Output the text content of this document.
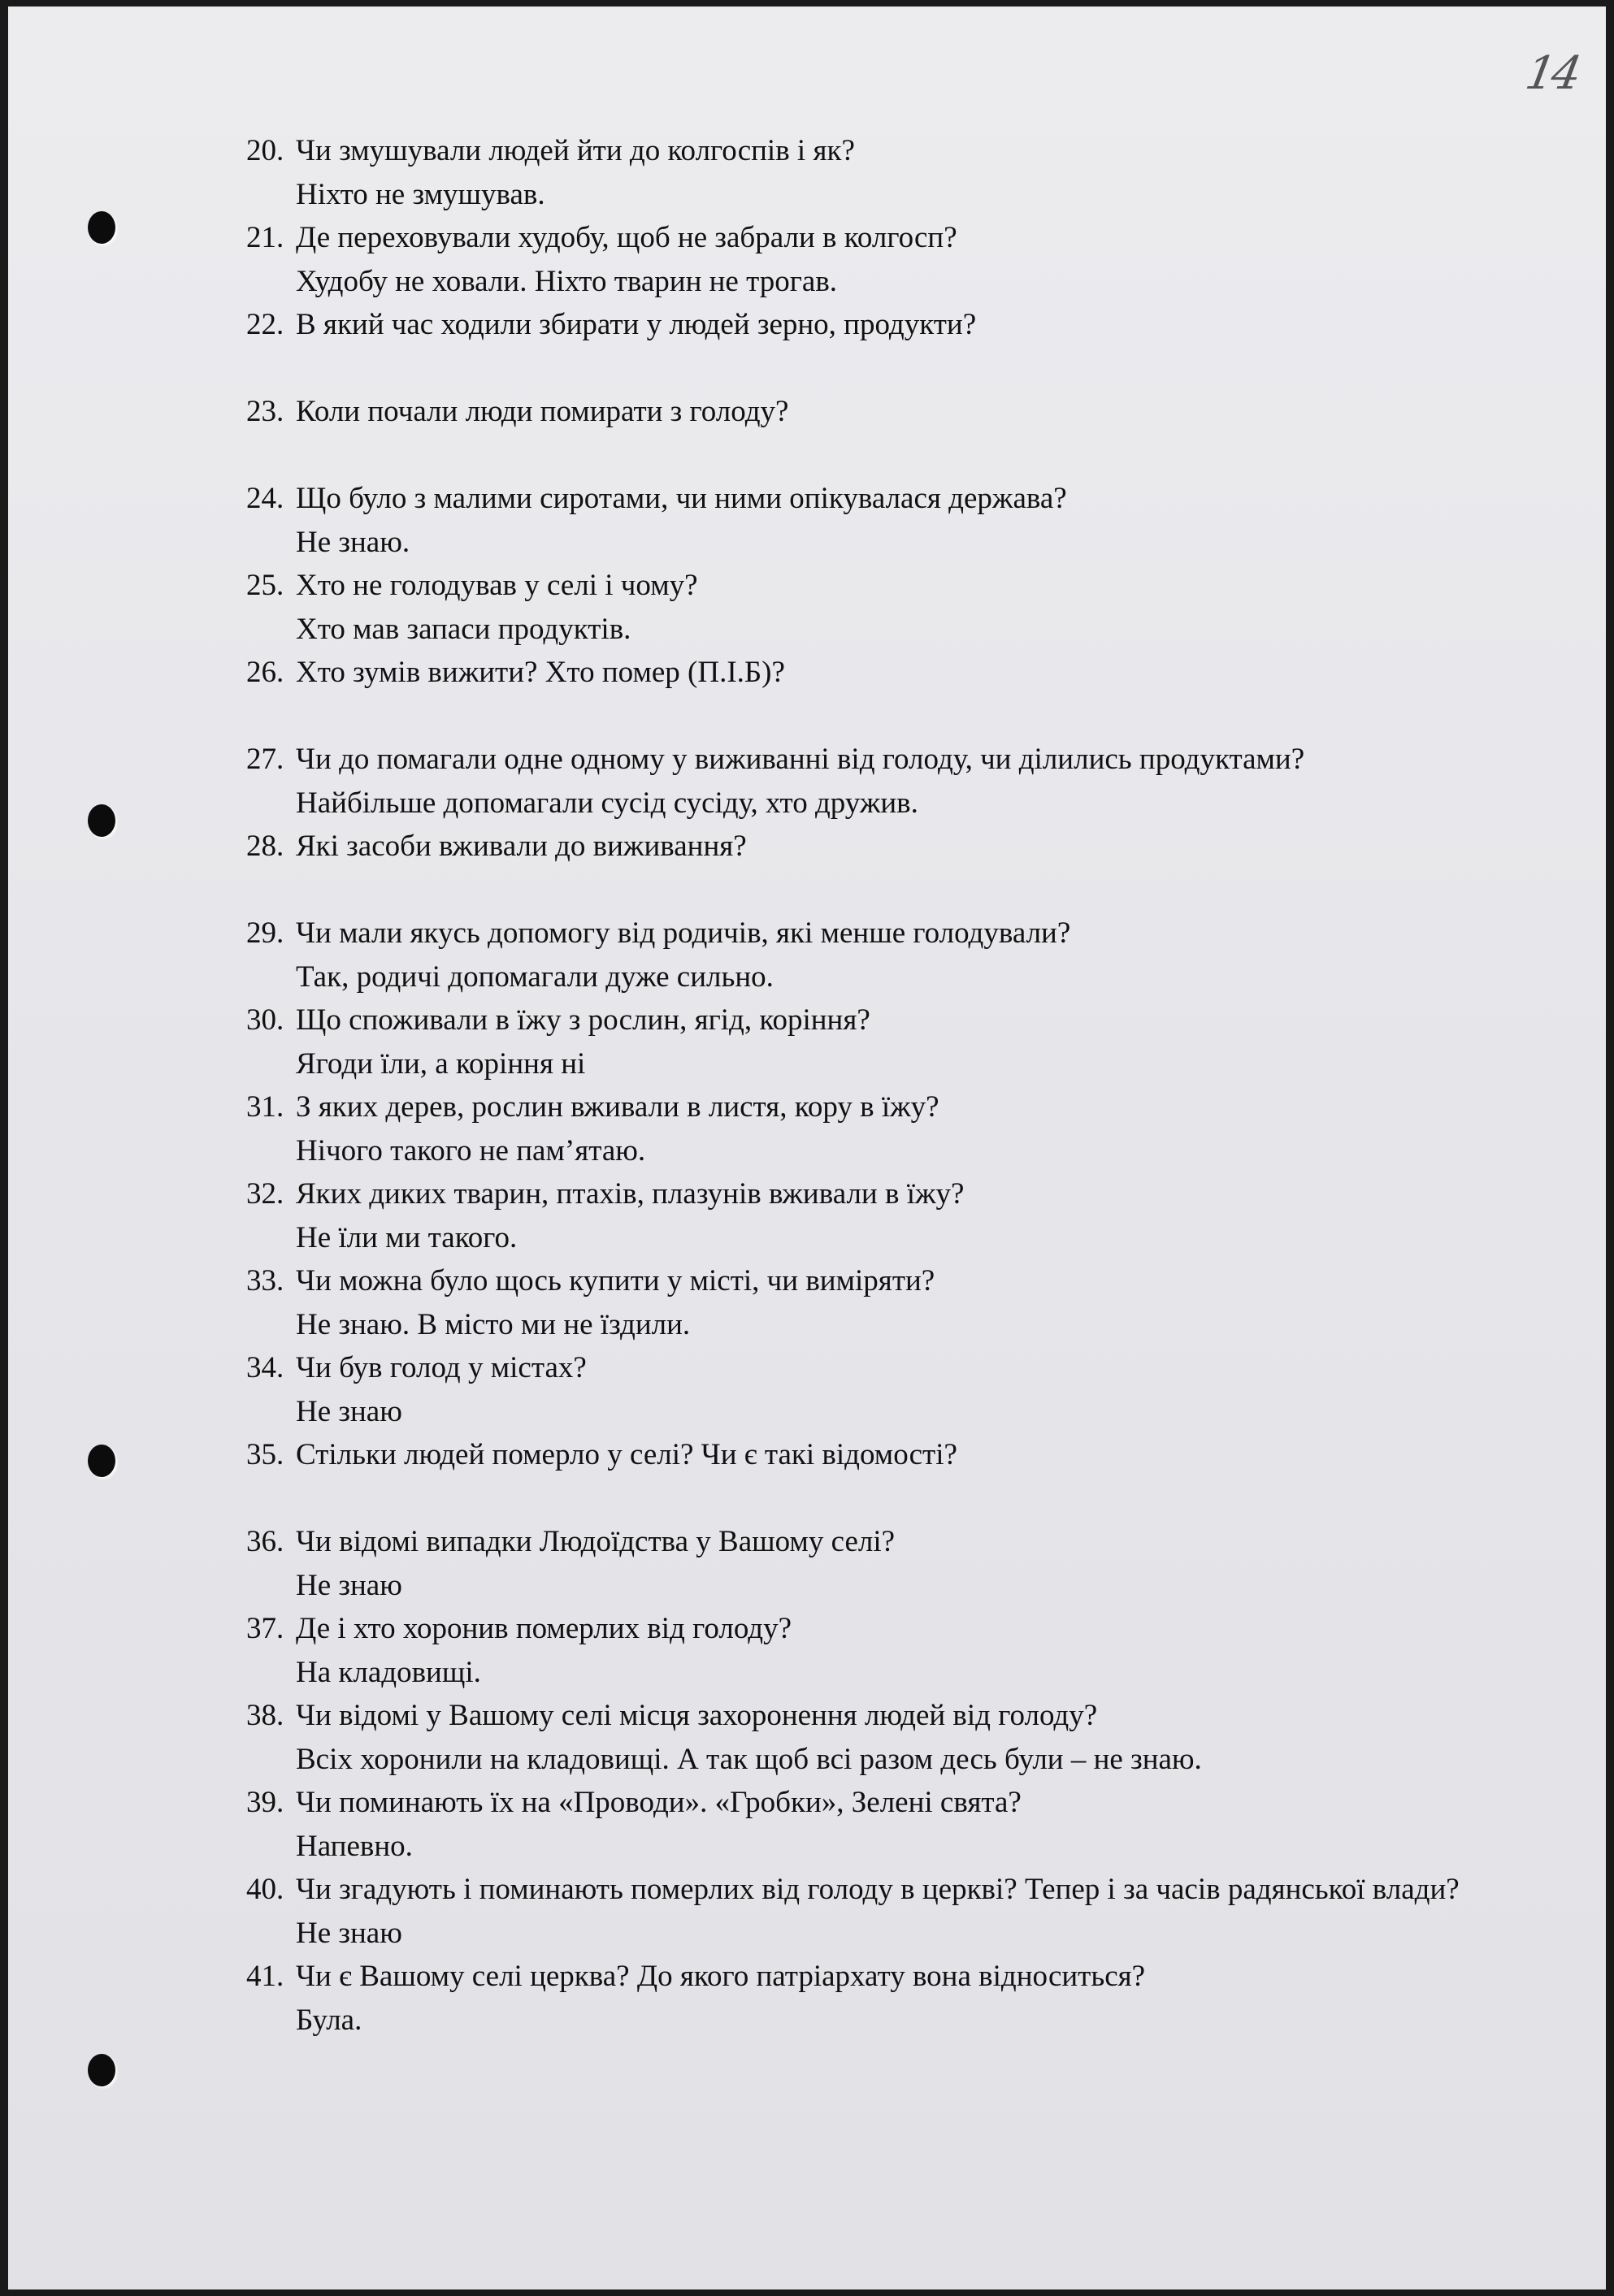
14
20. Чи змушували людей йти до колгоспів і як?
Ніхто не змушував.
21. Де переховували худобу, щоб не забрали в колгосп?
Худобу не ховали. Ніхто тварин не трогав.
22. В який час ходили збирати у людей зерно, продукти?
23. Коли почали люди помирати з голоду?
24. Що було з малими сиротами, чи ними опікувалася держава?
Не знаю.
25. Хто не голодував у селі і чому?
Хто мав запаси продуктів.
26. Хто зумів вижити? Хто помер (П.І.Б)?
27. Чи до помагали одне одному у виживанні від голоду, чи ділились продуктами?
Найбільше допомагали сусід сусіду, хто дружив.
28. Які засоби вживали до виживання?
29. Чи мали якусь допомогу від родичів, які менше голодували?
Так, родичі допомагали дуже сильно.
30. Що споживали в їжу з рослин, ягід, коріння?
Ягоди їли, а коріння ні
31. З яких дерев, рослин вживали в листя, кору в їжу?
Нічого такого не пам’ятаю.
32. Яких диких тварин, птахів, плазунів вживали в їжу?
Не їли ми такого.
33. Чи можна було щось купити у місті, чи виміряти?
Не знаю. В місто ми не їздили.
34. Чи був голод у містах?
Не знаю
35. Стільки людей померло у селі? Чи є такі відомості?
36. Чи відомі випадки Людоїдства у Вашому селі?
Не знаю
37. Де і хто хоронив померлих від голоду?
На кладовищі.
38. Чи відомі у Вашому селі місця захоронення людей від голоду?
Всіх хоронили на кладовищі. А так щоб всі разом десь були – не знаю.
39. Чи поминають їх на «Проводи». «Гробки», Зелені свята?
Напевно.
40. Чи згадують і поминають померлих від голоду в церкві? Тепер і за часів радянської влади?
Не знаю
41. Чи є Вашому селі церква? До якого патріархату вона відноситься?
Була.
